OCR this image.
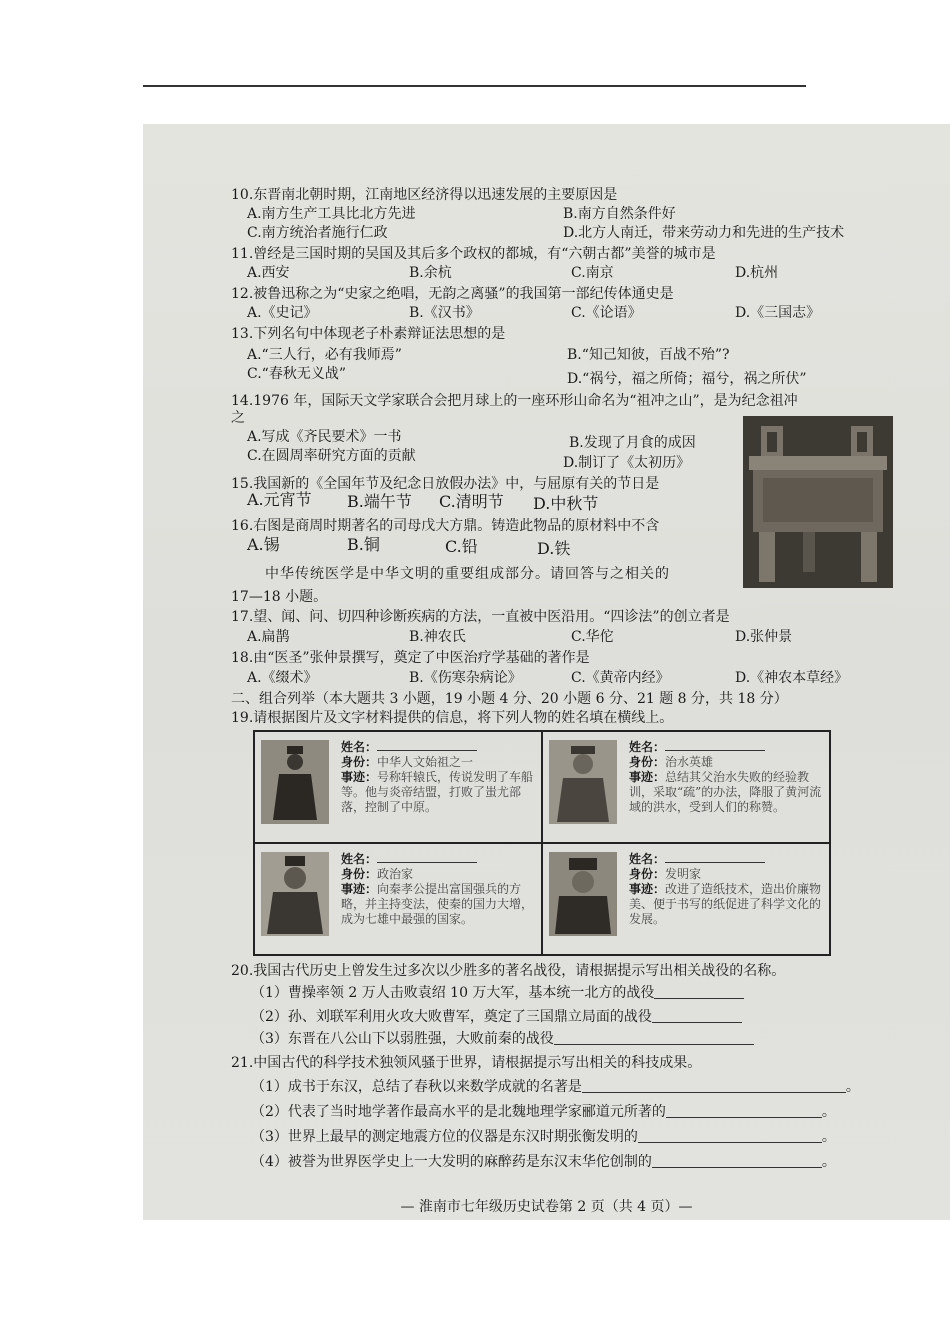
10.东晋南北朝时期，江南地区经济得以迅速发展的主要原因是
A.南方生产工具比北方先进	B.南方自然条件好
C.南方统治者施行仁政	D.北方人南迁，带来劳动力和先进的生产技术
11.曾经是三国时期的吴国及其后多个政权的都城，有“六朝古都”美誉的城市是
A.西安	B.余杭	C.南京	D.杭州
12.被鲁迅称之为“史家之绝唱，无韵之离骚”的我国第一部纪传体通史是
A.《史记》	B.《汉书》	C.《论语》	D.《三国志》
13.下列名句中体现老子朴素辩证法思想的是
A.“三人行，必有我师焉”	B.“知己知彼，百战不殆”?
C.“春秋无义战”	D.“祸兮，福之所倚；福兮，祸之所伏”
14.1976 年，国际天文学家联合会把月球上的一座环形山命名为“祖冲之山”，是为纪念祖冲
之
A.写成《齐民要术》一书	B.发现了月食的成因
C.在圆周率研究方面的贡献	D.制订了《太初历》
15.我国新的《全国年节及纪念日放假办法》中，与屈原有关的节日是
A.元宵节 B.端午节 C.清明节 D.中秋节
16.右图是商周时期著名的司母戊大方鼎。铸造此物品的原材料中不含
A.锡	B.铜	C.铅	D.铁
中华传统医学是中华文明的重要组成部分。请回答与之相关的
17—18 小题。
17.望、闻、问、切四种诊断疾病的方法，一直被中医沿用。“四诊法”的创立者是
A.扁鹊	B.神农氏	C.华佗	D.张仲景
18.由“医圣”张仲景撰写，奠定了中医治疗学基础的著作是
A.《缀术》	B.《伤寒杂病论》	C.《黄帝内经》	D.《神农本草经》
二、组合列举（本大题共 3 小题，19 小题 4 分、20 小题 6 分、21 题 8 分，共 18 分）
19.请根据图片及文字材料提供的信息，将下列人物的姓名填在横线上。
姓名：
身份：中华人文始祖之一
事迹：号称轩辕氏，传说发明了车船等。他与炎帝结盟，打败了蚩尤部落，控制了中原。
姓名：
身份：治水英雄
事迹：总结其父治水失败的经验教训，采取“疏”的办法，降服了黄河流域的洪水，受到人们的称赞。
姓名：
身份：政治家
事迹：向秦孝公提出富国强兵的方略，并主持变法，使秦的国力大增，成为七雄中最强的国家。
姓名：
身份：发明家
事迹：改进了造纸技术，造出价廉物美、便于书写的纸促进了科学文化的发展。
20.我国古代历史上曾发生过多次以少胜多的著名战役，请根据提示写出相关战役的名称。
（1）曹操率领 2 万人击败袁绍 10 万大军，基本统一北方的战役
（2）孙、刘联军利用火攻大败曹军，奠定了三国鼎立局面的战役
（3）东晋在八公山下以弱胜强，大败前秦的战役
21.中国古代的科学技术独领风骚于世界，请根据提示写出相关的科技成果。
（1）成书于东汉，总结了春秋以来数学成就的名著是	。
（2）代表了当时地学著作最高水平的是北魏地理学家郦道元所著的	。
（3）世界上最早的测定地震方位的仪器是东汉时期张衡发明的	。
（4）被誉为世界医学史上一大发明的麻醉药是东汉末华佗创制的	。
— 淮南市七年级历史试卷第 2 页（共 4 页）—
